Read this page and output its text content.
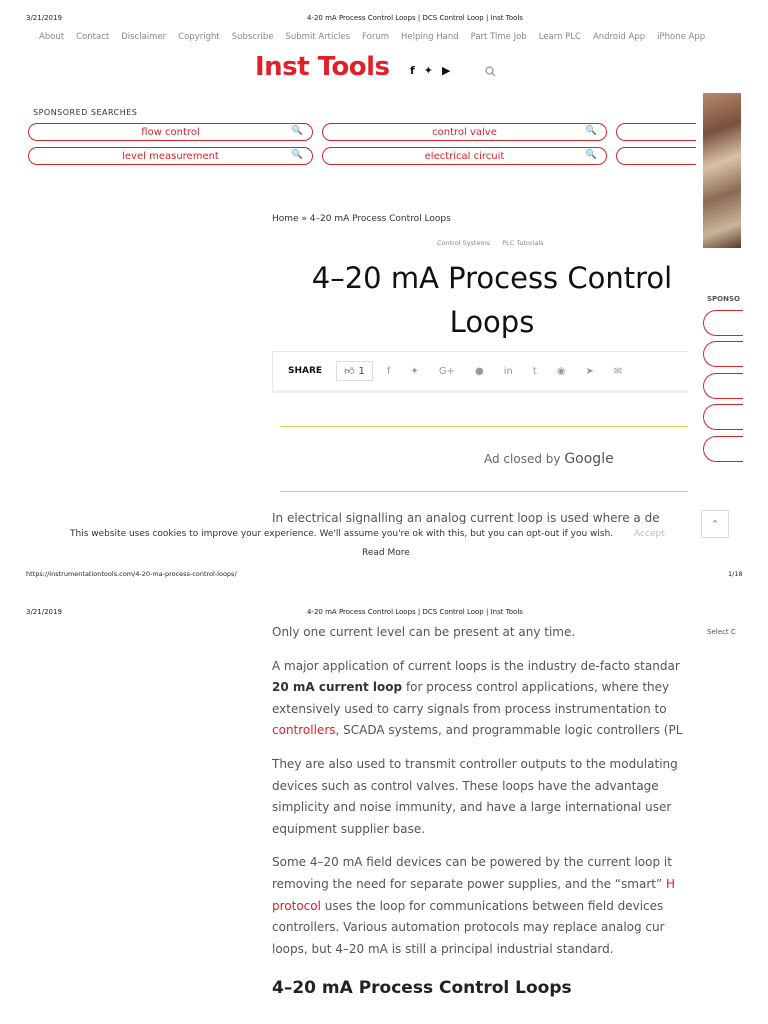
3/21/2019	4-20 mA Process Control Loops | DCS Control Loop | Inst Tools
About Contact Disclaimer Copyright Subscribe Submit Articles Forum Helping Hand Part Time Job Learn PLC Android App iPhone App
Inst Tools f ✦ ▶
SPONSORED SEARCHES
flow control	🔍	control valve	🔍
level measurement	🔍	electrical circuit	🔍
SPONSO
⌃
Home » 4–20 mA Process Control Loops
Control Systems PLC Tutorials
4–20 mA Process Control
Loops
SHARE 👍︎ 1 f ✦ G+ ● in t ◉ ➤ ✉
Ad closed by Google
In electrical signalling an analog current loop is used where a de
This website uses cookies to improve your experience. We'll assume you're ok with this, but you can opt-out if you wish. Accept
Read More
https://instrumentationtools.com/4-20-ma-process-control-loops/	1/18
3/21/2019	4-20 mA Process Control Loops | DCS Control Loop | Inst Tools
Select C

Only one current level can be present at any time.

A major application of current loops is the industry de-facto standar
20 mA current loop for process control applications, where they
extensively used to carry signals from process instrumentation to
controllers, SCADA systems, and programmable logic controllers (PL

They are also used to transmit controller outputs to the modulating
devices such as control valves. These loops have the advantage
simplicity and noise immunity, and have a large international user
equipment supplier base.

Some 4–20 mA field devices can be powered by the current loop it
removing the need for separate power supplies, and the “smart” H
protocol uses the loop for communications between field devices
controllers. Various automation protocols may replace analog cur
loops, but 4–20 mA is still a principal industrial standard.

4–20 mA Process Control Loops
